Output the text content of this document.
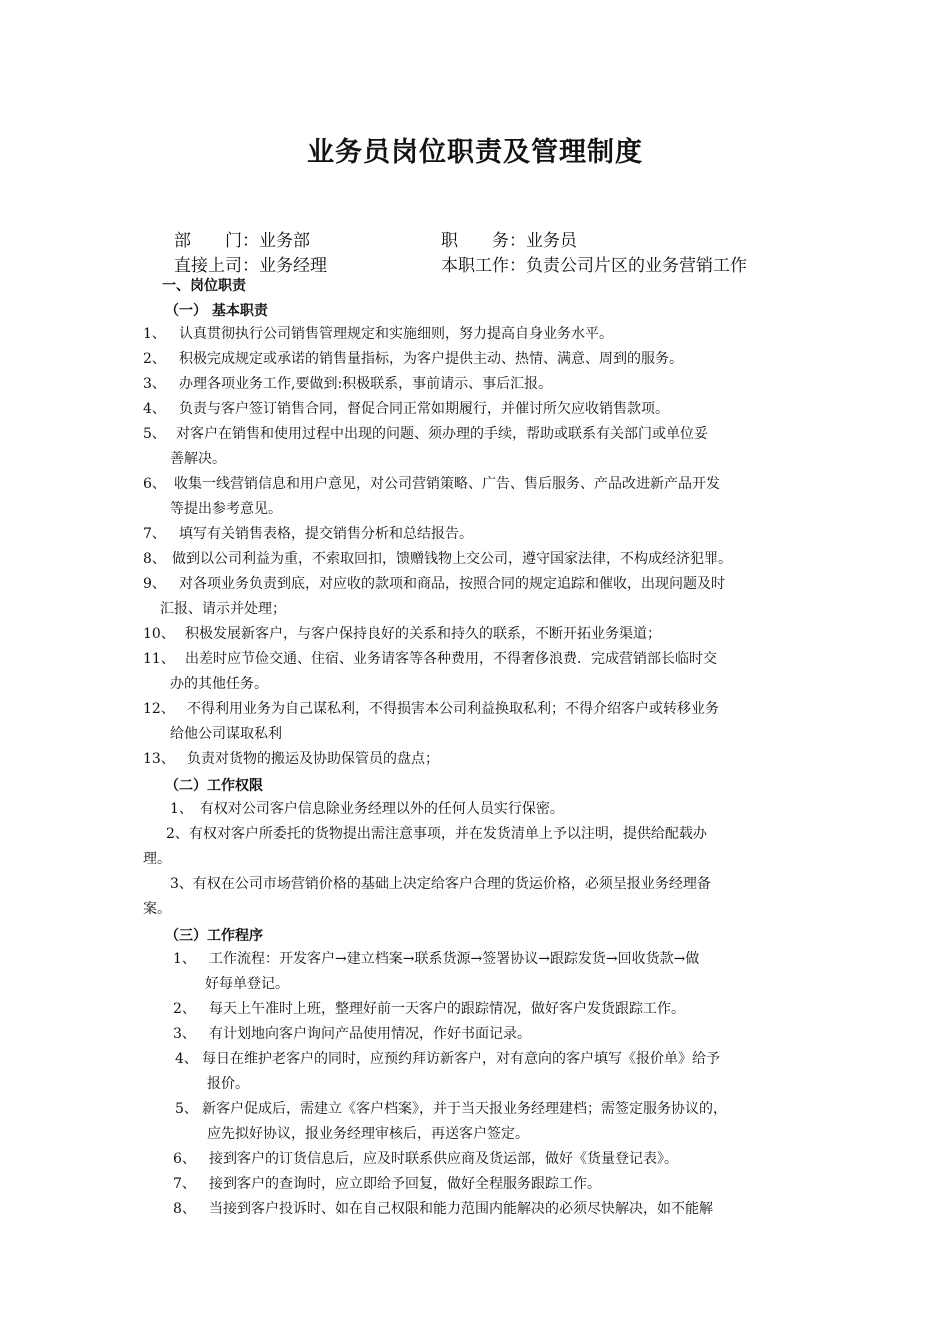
业务员岗位职责及管理制度
部　　门：业务部	职　　务：业务员
直接上司：业务经理	本职工作：负责公司片区的业务营销工作
一、岗位职责
（一） 基本职责
1、 认真贯彻执行公司销售管理规定和实施细则，努力提高自身业务水平。
2、 积极完成规定或承诺的销售量指标，为客户提供主动、热情、满意、周到的服务。
3、 办理各项业务工作,要做到:积极联系，事前请示、事后汇报。
4、 负责与客户签订销售合同，督促合同正常如期履行，并催讨所欠应收销售款项。
5、 对客户在销售和使用过程中出现的问题、须办理的手续，帮助或联系有关部门或单位妥
善解决。
6、 收集一线营销信息和用户意见，对公司营销策略、广告、售后服务、产品改进新产品开发
等提出参考意见。
7、 填写有关销售表格，提交销售分析和总结报告。
8、 做到以公司利益为重，不索取回扣，馈赠钱物上交公司，遵守国家法律，不构成经济犯罪。
9、 对各项业务负责到底，对应收的款项和商品，按照合同的规定追踪和催收，出现问题及时
汇报、请示并处理；
10、 积极发展新客户，与客户保持良好的关系和持久的联系，不断开拓业务渠道；
11、 出差时应节俭交通、住宿、业务请客等各种费用，不得奢侈浪费．完成营销部长临时交
办的其他任务。
12、 不得利用业务为自己谋私利，不得损害本公司利益换取私利；不得介绍客户或转移业务
给他公司谋取私利
13、 负责对货物的搬运及协助保管员的盘点；
（二）工作权限
1、　有权对公司客户信息除业务经理以外的任何人员实行保密。
2、有权对客户所委托的货物提出需注意事项，并在发货清单上予以注明，提供给配载办
理。
3、有权在公司市场营销价格的基础上决定给客户合理的货运价格，必须呈报业务经理备
案。
（三）工作程序
1、 工作流程：开发客户→建立档案→联系货源→签署协议→跟踪发货→回收货款→做
好每单登记。
2、 每天上午准时上班，整理好前一天客户的跟踪情况，做好客户发货跟踪工作。
3、 有计划地向客户询问产品使用情况，作好书面记录。
4、 每日在维护老客户的同时，应预约拜访新客户，对有意向的客户填写《报价单》给予
报价。
5、 新客户促成后，需建立《客户档案》，并于当天报业务经理建档；需签定服务协议的，
应先拟好协议，报业务经理审核后，再送客户签定。
6、 接到客户的订货信息后，应及时联系供应商及货运部，做好《货量登记表》。
7、 接到客户的查询时，应立即给予回复，做好全程服务跟踪工作。
8、 当接到客户投诉时、如在自己权限和能力范围内能解决的必须尽快解决，如不能解
